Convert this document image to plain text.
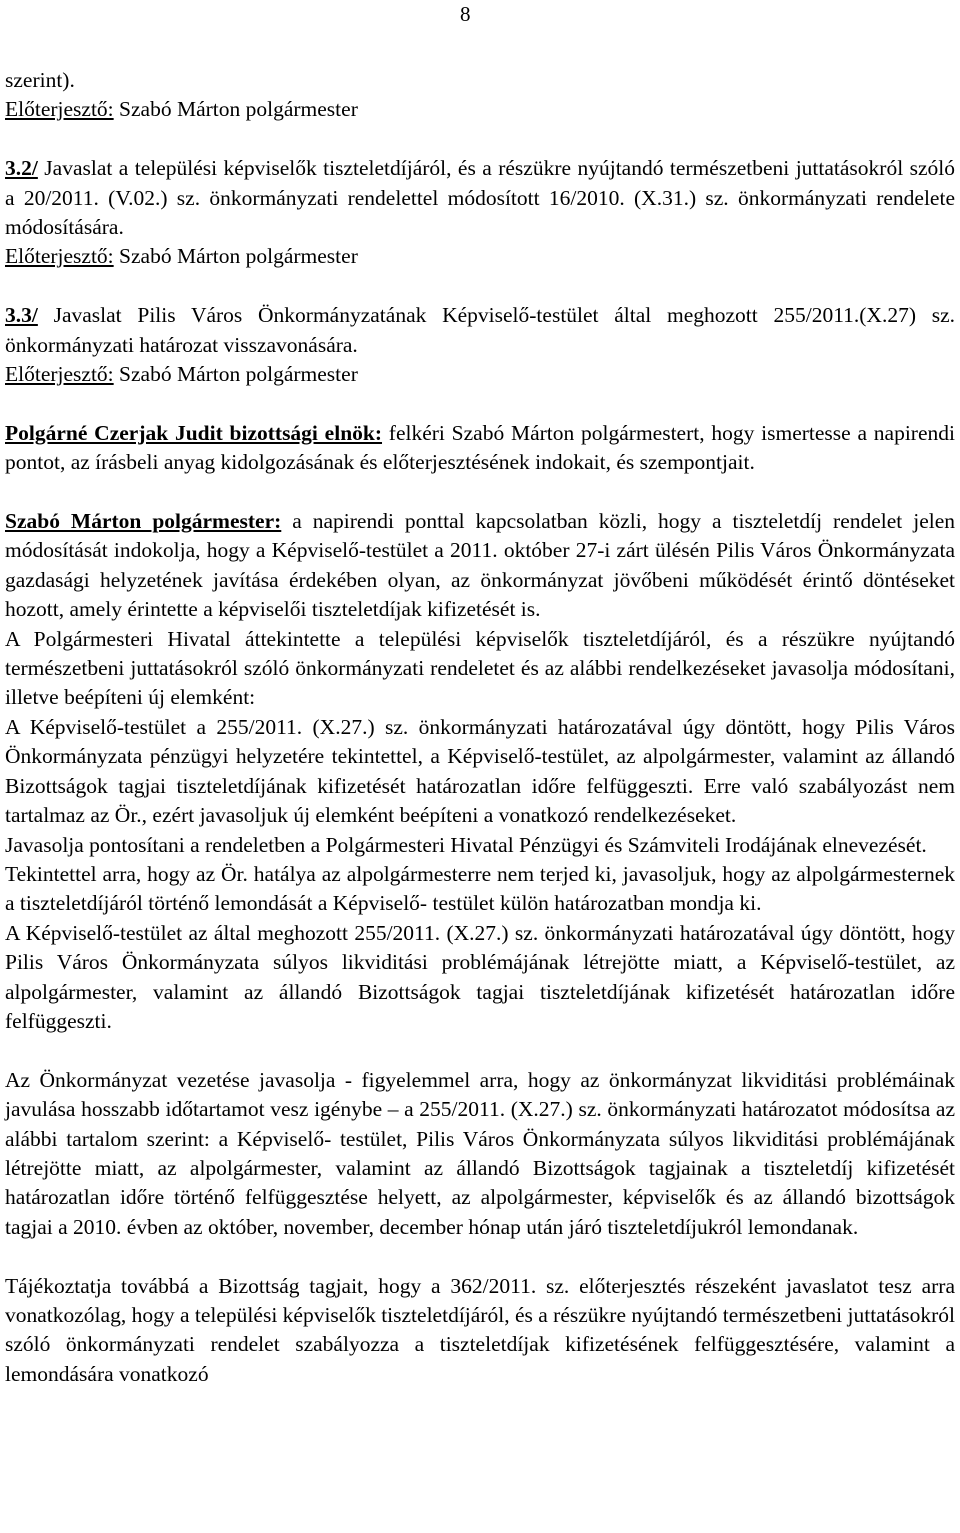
8

szerint).

Előterjesztő: Szabó Márton polgármester

3.2/ Javaslat a települési képviselők tiszteletdíjáról, és a részükre nyújtandó természetbeni juttatásokról szóló a 20/2011. (V.02.) sz. önkormányzati rendelettel módosított 16/2010. (X.31.) sz. önkormányzati rendelete módosítására.

Előterjesztő: Szabó Márton polgármester

3.3/ Javaslat Pilis Város Önkormányzatának Képviselő-testület által meghozott 255/2011.(X.27) sz. önkormányzati határozat visszavonására.

Előterjesztő: Szabó Márton polgármester

Polgárné Czerjak Judit bizottsági elnök: felkéri Szabó Márton polgármestert, hogy ismertesse a napirendi pontot, az írásbeli anyag kidolgozásának és előterjesztésének indokait, és szempontjait.

Szabó Márton polgármester: a napirendi ponttal kapcsolatban közli, hogy a tiszteletdíj rendelet jelen módosítását indokolja, hogy a Képviselő-testület a 2011. október 27-i zárt ülésén Pilis Város Önkormányzata gazdasági helyzetének javítása érdekében olyan, az önkormányzat jövőbeni működését érintő döntéseket hozott, amely érintette a képviselői tiszteletdíjak kifizetését is.

A Polgármesteri Hivatal áttekintette a települési képviselők tiszteletdíjáról, és a részükre nyújtandó természetbeni juttatásokról szóló önkormányzati rendeletet és az alábbi rendelkezéseket javasolja módosítani, illetve beépíteni új elemként:

A Képviselő-testület a 255/2011. (X.27.) sz. önkormányzati határozatával úgy döntött, hogy Pilis Város Önkormányzata pénzügyi helyzetére tekintettel, a Képviselő-testület, az alpolgármester, valamint az állandó Bizottságok tagjai tiszteletdíjának kifizetését határozatlan időre felfüggeszti. Erre való szabályozást nem tartalmaz az Ör., ezért javasoljuk új elemként beépíteni a vonatkozó rendelkezéseket.

Javasolja pontosítani a rendeletben a Polgármesteri Hivatal Pénzügyi és Számviteli Irodájának elnevezését.

Tekintettel arra, hogy az Ör. hatálya az alpolgármesterre nem terjed ki, javasoljuk, hogy az alpolgármesternek a tiszteletdíjáról történő lemondását a Képviselő- testület külön határozatban mondja ki.

A Képviselő-testület az által meghozott 255/2011. (X.27.) sz. önkormányzati határozatával úgy döntött, hogy Pilis Város Önkormányzata súlyos likviditási problémájának létrejötte miatt, a Képviselő-testület, az alpolgármester, valamint az állandó Bizottságok tagjai tiszteletdíjának kifizetését határozatlan időre felfüggeszti.

Az Önkormányzat vezetése javasolja - figyelemmel arra, hogy az önkormányzat likviditási problémáinak javulása hosszabb időtartamot vesz igénybe – a 255/2011. (X.27.) sz. önkormányzati határozatot módosítsa az alábbi tartalom szerint: a Képviselő- testület, Pilis Város Önkormányzata súlyos likviditási problémájának létrejötte miatt, az alpolgármester, valamint az állandó Bizottságok tagjainak a tiszteletdíj kifizetését határozatlan időre történő felfüggesztése helyett, az alpolgármester, képviselők és az állandó bizottságok tagjai a 2010. évben az október, november, december hónap után járó tiszteletdíjukról lemondanak.

Tájékoztatja továbbá a Bizottság tagjait, hogy a 362/2011. sz. előterjesztés részeként javaslatot tesz arra vonatkozólag, hogy a települési képviselők tiszteletdíjáról, és a részükre nyújtandó természetbeni juttatásokról szóló önkormányzati rendelet szabályozza a tiszteletdíjak kifizetésének felfüggesztésére, valamint a lemondására vonatkozó
